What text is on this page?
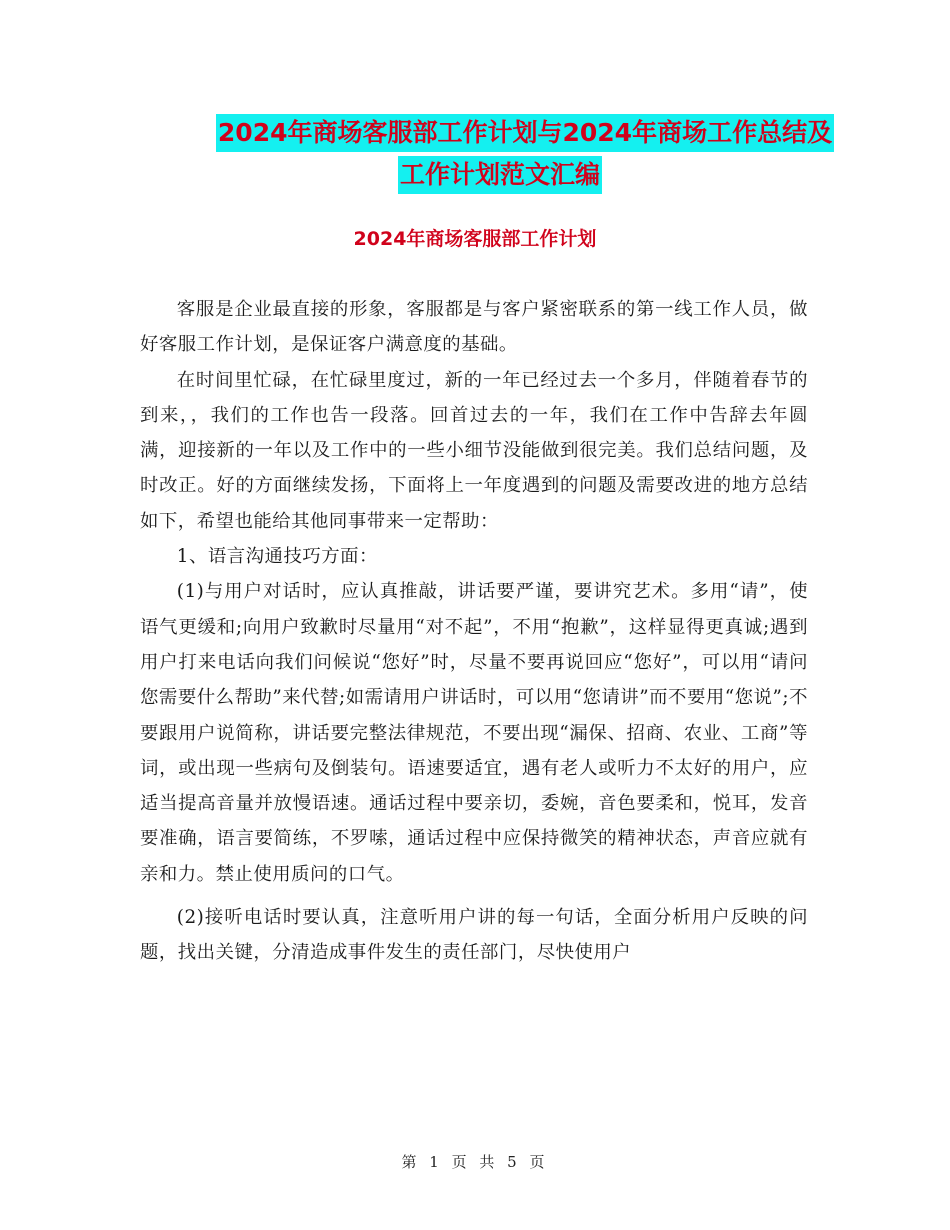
2024年商场客服部工作计划与2024年商场工作总结及
工作计划范文汇编
2024年商场客服部工作计划

客服是企业最直接的形象，客服都是与客户紧密联系的第一线工作人员，做好客服工作计划，是保证客户满意度的基础。

在时间里忙碌，在忙碌里度过，新的一年已经过去一个多月，伴随着春节的到来，，我们的工作也告一段落。回首过去的一年，我们在工作中告辞去年圆满，迎接新的一年以及工作中的一些小细节没能做到很完美。我们总结问题，及时改正。好的方面继续发扬，下面将上一年度遇到的问题及需要改进的地方总结如下，希望也能给其他同事带来一定帮助：

1、语言沟通技巧方面：

(1)与用户对话时，应认真推敲，讲话要严谨，要讲究艺术。多用“请”，使语气更缓和;向用户致歉时尽量用“对不起”，不用“抱歉”，这样显得更真诚;遇到用户打来电话向我们问候说“您好”时，尽量不要再说回应“您好”，可以用“请问您需要什么帮助”来代替;如需请用户讲话时，可以用“您请讲”而不要用“您说”;不要跟用户说简称，讲话要完整法律规范，不要出现“漏保、招商、农业、工商”等词，或出现一些病句及倒装句。语速要适宜，遇有老人或听力不太好的用户，应适当提高音量并放慢语速。通话过程中要亲切，委婉，音色要柔和，悦耳，发音要准确，语言要简练，不罗嗦，通话过程中应保持微笑的精神状态，声音应就有亲和力。禁止使用质问的口气。

(2)接听电话时要认真，注意听用户讲的每一句话，全面分析用户反映的问题，找出关键，分清造成事件发生的责任部门，尽快使用户

第 1 页 共 5 页
